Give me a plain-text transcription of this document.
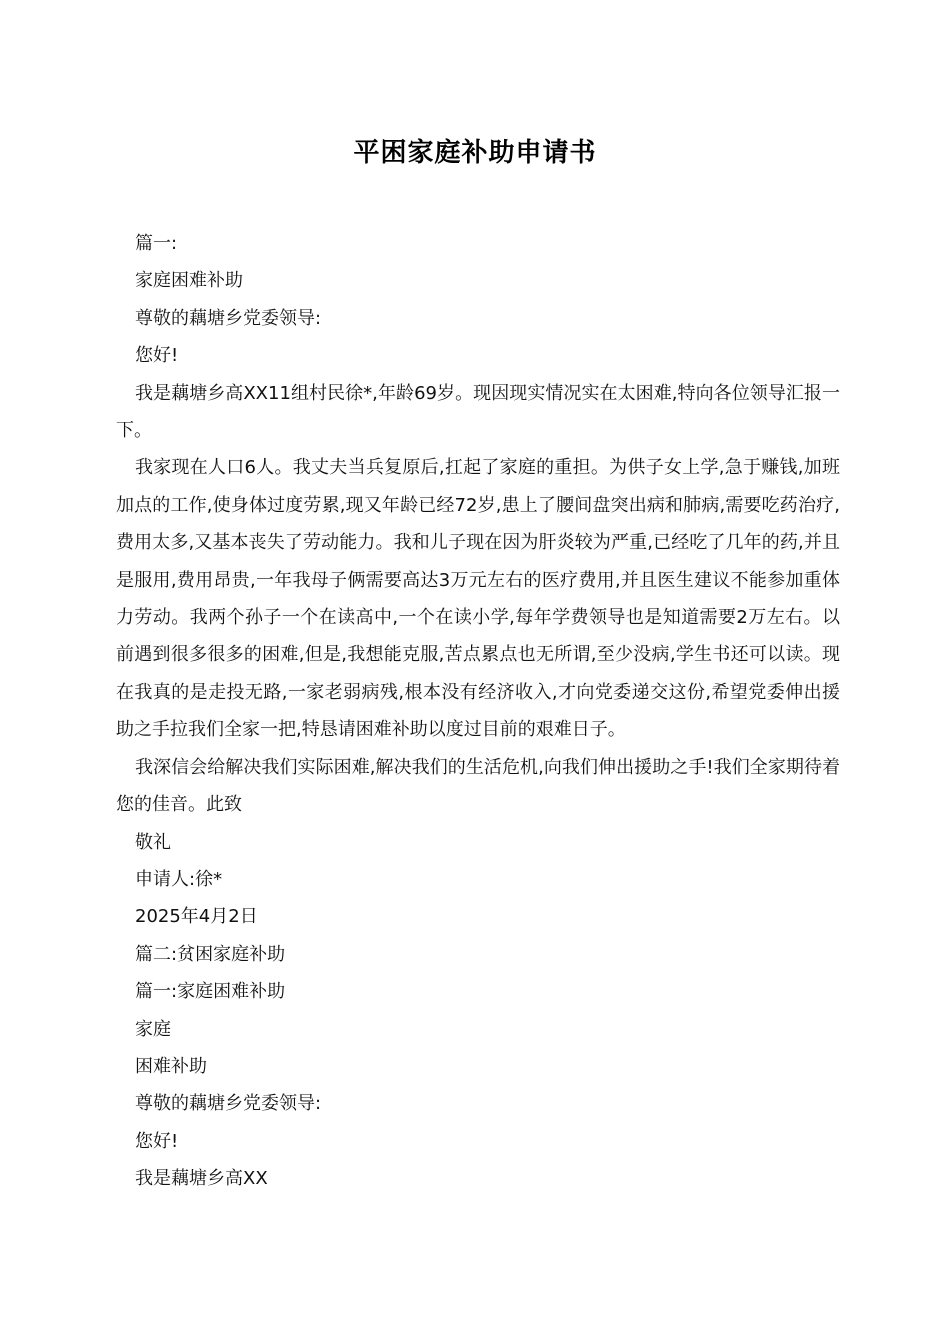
平困家庭补助申请书

篇一:

家庭困难补助

尊敬的藕塘乡党委领导:

您好!

我是藕塘乡高XX11组村民徐*,年龄69岁。现因现实情况实在太困难,特向各位领导汇报一下。

我家现在人口6人。我丈夫当兵复原后,扛起了家庭的重担。为供子女上学,急于赚钱,加班加点的工作,使身体过度劳累,现又年龄已经72岁,患上了腰间盘突出病和肺病,需要吃药治疗,费用太多,又基本丧失了劳动能力。我和儿子现在因为肝炎较为严重,已经吃了几年的药,并且是服用,费用昂贵,一年我母子俩需要高达3万元左右的医疗费用,并且医生建议不能参加重体力劳动。我两个孙子一个在读高中,一个在读小学,每年学费领导也是知道需要2万左右。以前遇到很多很多的困难,但是,我想能克服,苦点累点也无所谓,至少没病,学生书还可以读。现在我真的是走投无路,一家老弱病残,根本没有经济收入,才向党委递交这份,希望党委伸出援助之手拉我们全家一把,特恳请困难补助以度过目前的艰难日子。

我深信会给解决我们实际困难,解决我们的生活危机,向我们伸出援助之手!我们全家期待着您的佳音。此致

敬礼

申请人:徐*

2025年4月2日

篇二:贫困家庭补助

篇一:家庭困难补助

家庭

困难补助

尊敬的藕塘乡党委领导:

您好!

我是藕塘乡高XX
